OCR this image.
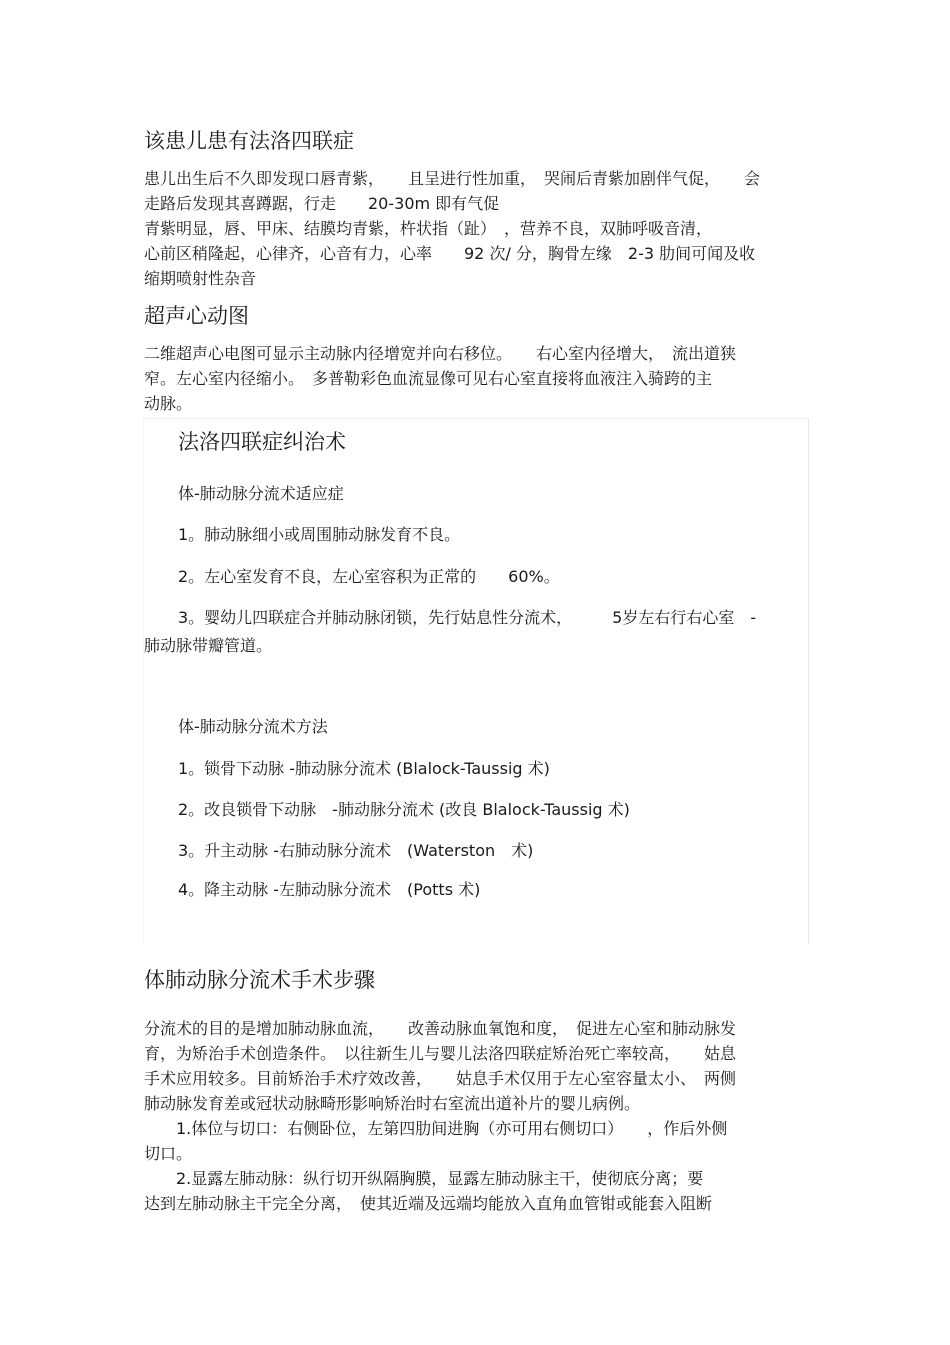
该患儿患有法洛四联症
患儿出生后不久即发现口唇青紫，　　且呈进行性加重，　哭闹后青紫加剧伴气促，　　会
走路后发现其喜蹲踞，行走　　20-30m 即有气促
青紫明显，唇、甲床、结膜均青紫，杵状指（趾）　，营养不良，双肺呼吸音清，
心前区稍隆起，心律齐，心音有力，心率　　92 次/ 分，胸骨左缘　2-3 肋间可闻及收
缩期喷射性杂音
超声心动图
二维超声心电图可显示主动脉内径增宽并向右移位。　　右心室内径增大，　流出道狭
窄。左心室内径缩小。　多普勒彩色血流显像可见右心室直接将血液注入骑跨的主
动脉。
法洛四联症纠治术
体-肺动脉分流术适应症
1。肺动脉细小或周围肺动脉发育不良。
2。左心室发育不良，左心室容积为正常的　　60%。
3。婴幼儿四联症合并肺动脉闭锁，先行姑息性分流术，　　　5岁左右行右心室　-
肺动脉带瓣管道。
体-肺动脉分流术方法
1。锁骨下动脉 -肺动脉分流术 (Blalock-Taussig 术)
2。改良锁骨下动脉　-肺动脉分流术 (改良 Blalock-Taussig 术)
3。升主动脉 -右肺动脉分流术　(Waterston　术)
4。降主动脉 -左肺动脉分流术　(Potts 术)
体肺动脉分流术手术步骤
分流术的目的是增加肺动脉血流，　　改善动脉血氧饱和度，　促进左心室和肺动脉发
育，为矫治手术创造条件。　以往新生儿与婴儿法洛四联症矫治死亡率较高，　　姑息
手术应用较多。目前矫治手术疗效改善，　　姑息手术仅用于左心室容量太小、　两侧
肺动脉发育差或冠状动脉畸形影响矫治时右室流出道补片的婴儿病例。
　　1.体位与切口：右侧卧位，左第四肋间进胸（亦可用右侧切口）　　，作后外侧
切口。
　　2.显露左肺动脉：纵行切开纵隔胸膜，显露左肺动脉主干，使彻底分离；要
达到左肺动脉主干完全分离，　使其近端及远端均能放入直角血管钳或能套入阻断
